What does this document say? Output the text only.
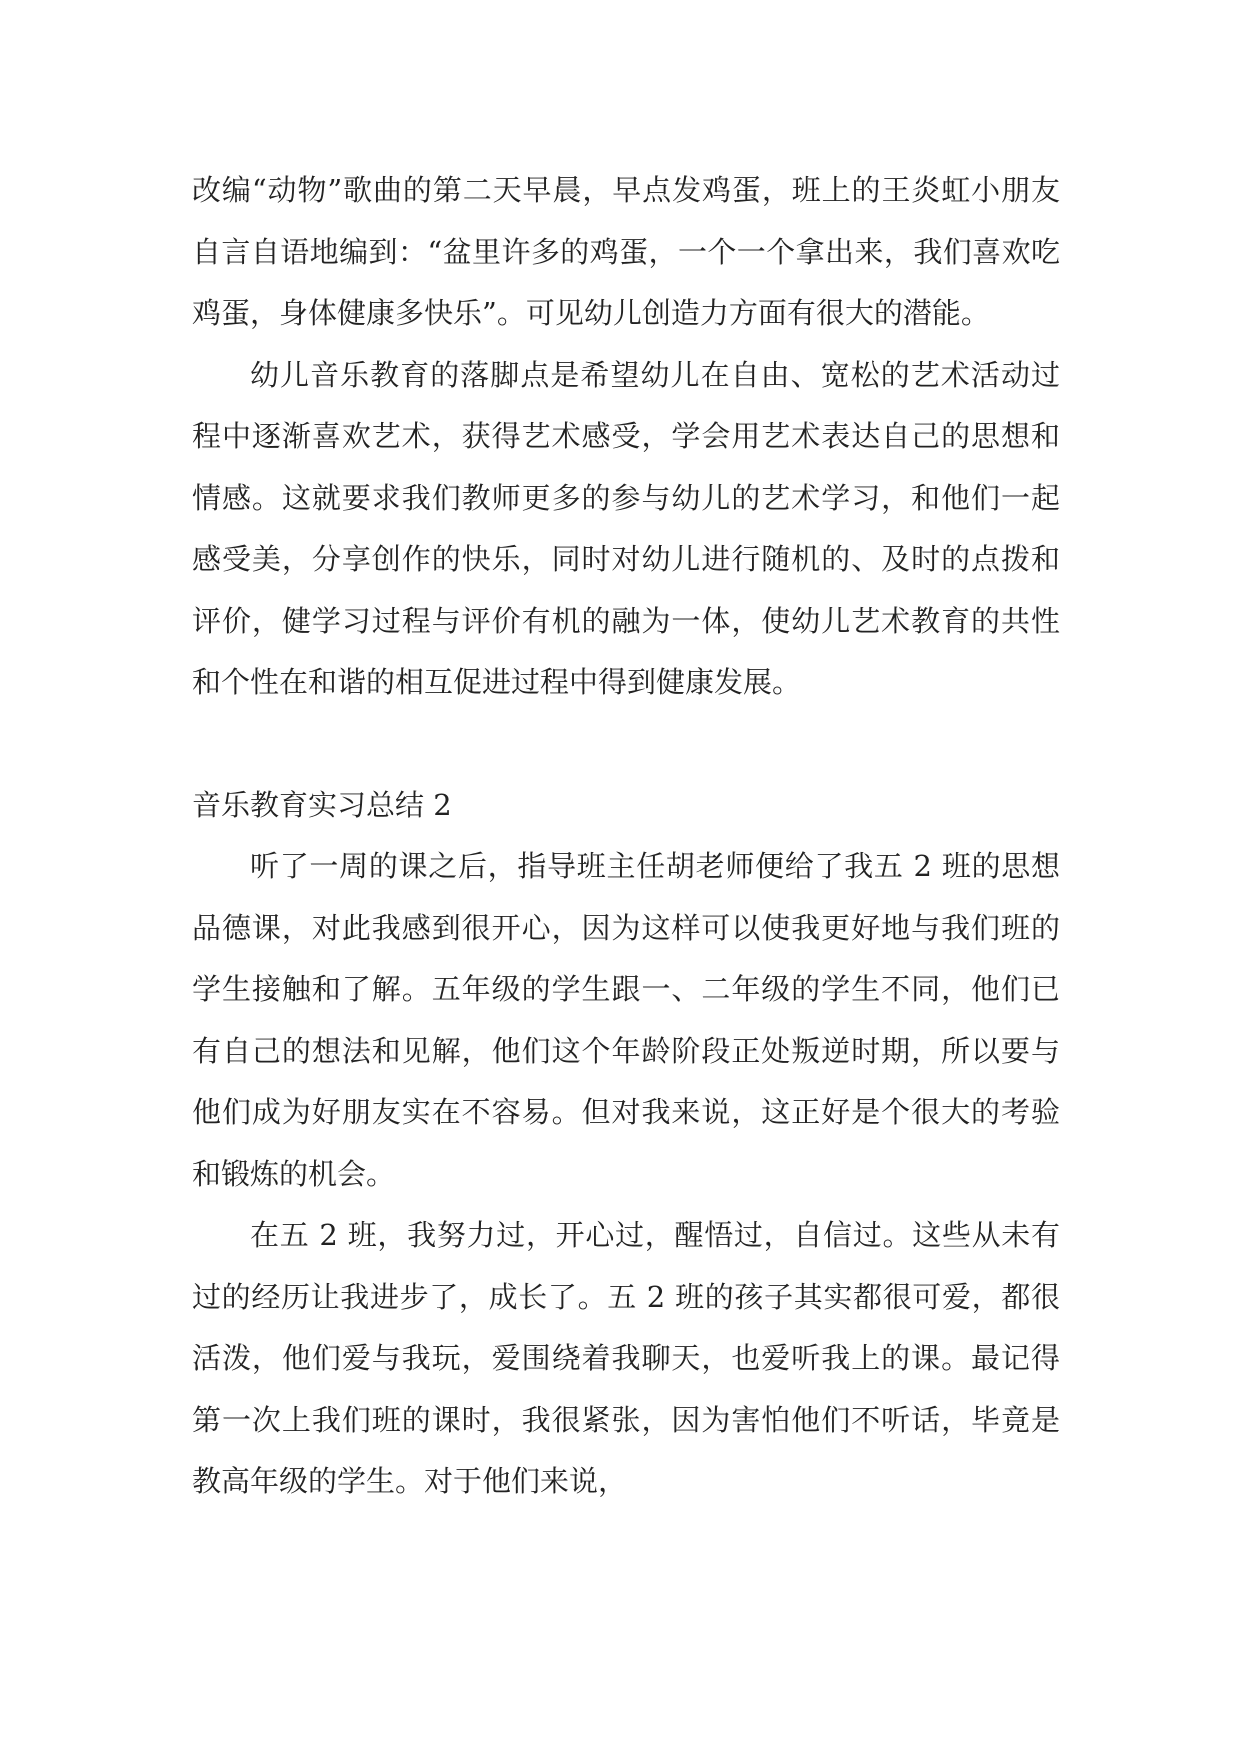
改编“动物”歌曲的第二天早晨，早点发鸡蛋，班上的王炎虹小朋友自言自语地编到：“盆里许多的鸡蛋，一个一个拿出来，我们喜欢吃鸡蛋，身体健康多快乐”。可见幼儿创造力方面有很大的潜能。

幼儿音乐教育的落脚点是希望幼儿在自由、宽松的艺术活动过程中逐渐喜欢艺术，获得艺术感受，学会用艺术表达自己的思想和情感。这就要求我们教师更多的参与幼儿的艺术学习，和他们一起感受美，分享创作的快乐，同时对幼儿进行随机的、及时的点拨和评价，健学习过程与评价有机的融为一体，使幼儿艺术教育的共性和个性在和谐的相互促进过程中得到健康发展。

音乐教育实习总结 2

听了一周的课之后，指导班主任胡老师便给了我五 2 班的思想品德课，对此我感到很开心，因为这样可以使我更好地与我们班的学生接触和了解。五年级的学生跟一、二年级的学生不同，他们已有自己的想法和见解，他们这个年龄阶段正处叛逆时期，所以要与他们成为好朋友实在不容易。但对我来说，这正好是个很大的考验和锻炼的机会。

在五 2 班，我努力过，开心过，醒悟过，自信过。这些从未有过的经历让我进步了，成长了。五 2 班的孩子其实都很可爱，都很活泼，他们爱与我玩，爱围绕着我聊天，也爱听我上的课。最记得第一次上我们班的课时，我很紧张，因为害怕他们不听话，毕竟是教高年级的学生。对于他们来说，
